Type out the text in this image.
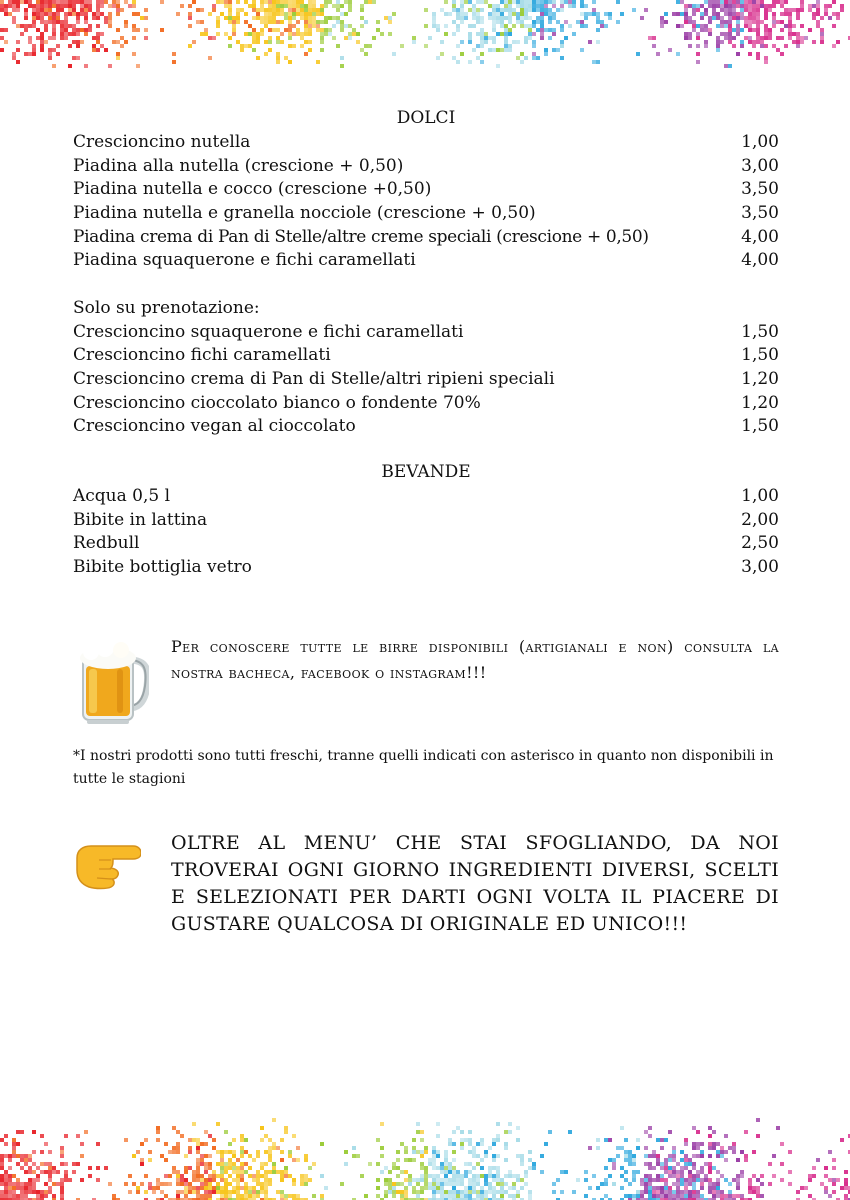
DOLCI
Crescioncino nutella	1,00
Piadina alla nutella (crescione + 0,50)	3,00
Piadina nutella e cocco (crescione +0,50)	3,50
Piadina nutella e granella nocciole (crescione + 0,50)	3,50
Piadina crema di Pan di Stelle/altre creme speciali (crescione + 0,50)	4,00
Piadina squaquerone e fichi caramellati	4,00
Solo su prenotazione:
Crescioncino squaquerone e fichi caramellati	1,50
Crescioncino fichi caramellati	1,50
Crescioncino crema di Pan di Stelle/altri ripieni speciali	1,20
Crescioncino cioccolato bianco o fondente 70%	1,20
Crescioncino vegan al cioccolato	1,50
BEVANDE
Acqua 0,5 l	1,00
Bibite in lattina	2,00
Redbull	2,50
Bibite bottiglia vetro	3,00
Per conoscere tutte le birre disponibili (artigianali e non) consulta la nostra bacheca, facebook o instagram!!!
*I nostri prodotti sono tutti freschi, tranne quelli indicati con asterisco in quanto non disponibili in tutte le stagioni
OLTRE AL MENU’ CHE STAI SFOGLIANDO, DA NOI TROVERAI OGNI GIORNO INGREDIENTI DIVERSI, SCELTI E SELEZIONATI PER DARTI OGNI VOLTA IL PIACERE DI GUSTARE QUALCOSA DI ORIGINALE ED UNICO!!!
